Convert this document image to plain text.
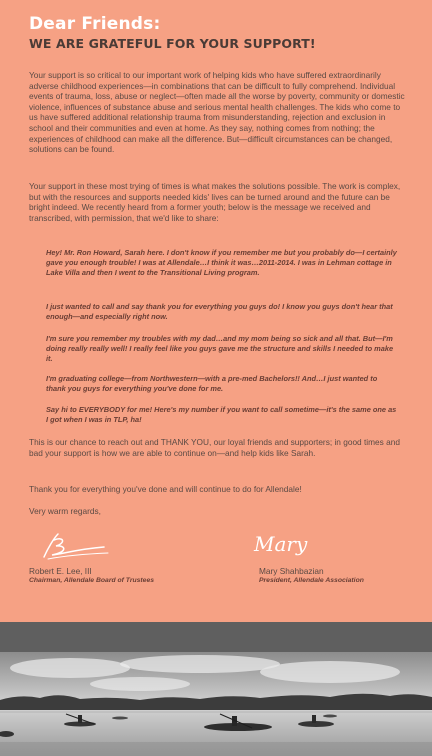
Dear Friends:
WE ARE GRATEFUL FOR YOUR SUPPORT!

Your support is so critical to our important work of helping kids who have suffered extraordinarily adverse childhood experiences—in combinations that can be difficult to fully comprehend. Individual events of trauma, loss, abuse or neglect—often made all the worse by poverty, community or domestic violence, influences of substance abuse and serious mental health challenges. The kids who come to us have suffered additional relationship trauma from misunderstanding, rejection and exclusion in school and their communities and even at home. As they say, nothing comes from nothing; the experiences of childhood can make all the difference. But—difficult circumstances can be changed, solutions can be found.

Your support in these most trying of times is what makes the solutions possible. The work is complex, but with the resources and supports needed kids' lives can be turned around and the future can be bright indeed. We recently heard from a former youth; below is the message we received and transcribed, with permission, that we'd like to share:

Hey! Mr. Ron Howard, Sarah here. I don't know if you remember me but you probably do—I certainly gave you enough trouble! I was at Allendale…I think it was…2011-2014. I was in Lehman cottage in Lake Villa and then I went to the Transitional Living program.

I just wanted to call and say thank you for everything you guys do! I know you guys don't hear that enough—and especially right now.

I'm sure you remember my troubles with my dad…and my mom being so sick and all that. But—I'm doing really really well! I really feel like you guys gave me the structure and skills I needed to make it.

I'm graduating college—from Northwestern—with a pre-med Bachelors!! And…I just wanted to thank you guys for everything you've done for me.

Say hi to EVERYBODY for me! Here's my number if you want to call sometime—it's the same one as I got when I was in TLP, ha!

This is our chance to reach out and THANK YOU, our loyal friends and supporters; in good times and bad your support is how we are able to continue on—and help kids like Sarah.

Thank you for everything you've done and will continue to do for Allendale!

Very warm regards,

Mary

Robert E. Lee, III

Chairman, Allendale Board of Trustees

Mary Shahbazian

President, Allendale Association
